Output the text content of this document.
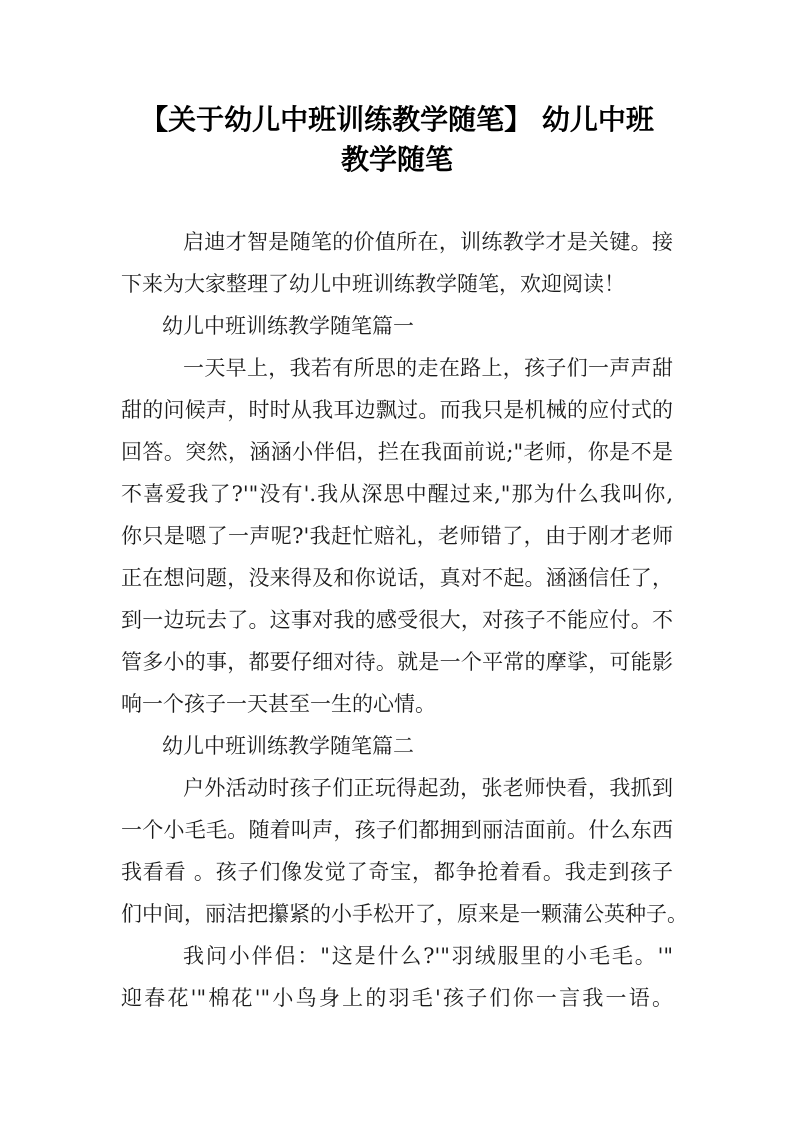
【关于幼儿中班训练教学随笔】 幼儿中班
教学随笔
启迪才智是随笔的价值所在，训练教学才是关键。接
下来为大家整理了幼儿中班训练教学随笔，欢迎阅读！
幼儿中班训练教学随笔篇一
一天早上，我若有所思的走在路上，孩子们一声声甜
甜的问候声，时时从我耳边飘过。而我只是机械的应付式的
回答。突然，涵涵小伴侣，拦在我面前说;"老师，你是不是
不喜爱我了?'"没有'.我从深思中醒过来,"那为什么我叫你,
你只是嗯了一声呢?'我赶忙赔礼，老师错了，由于刚才老师
正在想问题，没来得及和你说话，真对不起。涵涵信任了，
到一边玩去了。这事对我的感受很大，对孩子不能应付。不
管多小的事，都要仔细对待。就是一个平常的摩挲，可能影
响一个孩子一天甚至一生的心情。
幼儿中班训练教学随笔篇二
户外活动时孩子们正玩得起劲，张老师快看，我抓到
一个小毛毛。随着叫声，孩子们都拥到丽洁面前。什么东西
我看看 。孩子们像发觉了奇宝，都争抢着看。我走到孩子
们中间，丽洁把攥紧的小手松开了，原来是一颗蒲公英种子。
我问小伴侣："这是什么?'"羽绒服里的小毛毛。'"
迎春花'"棉花'"小鸟身上的羽毛'孩子们你一言我一语。
